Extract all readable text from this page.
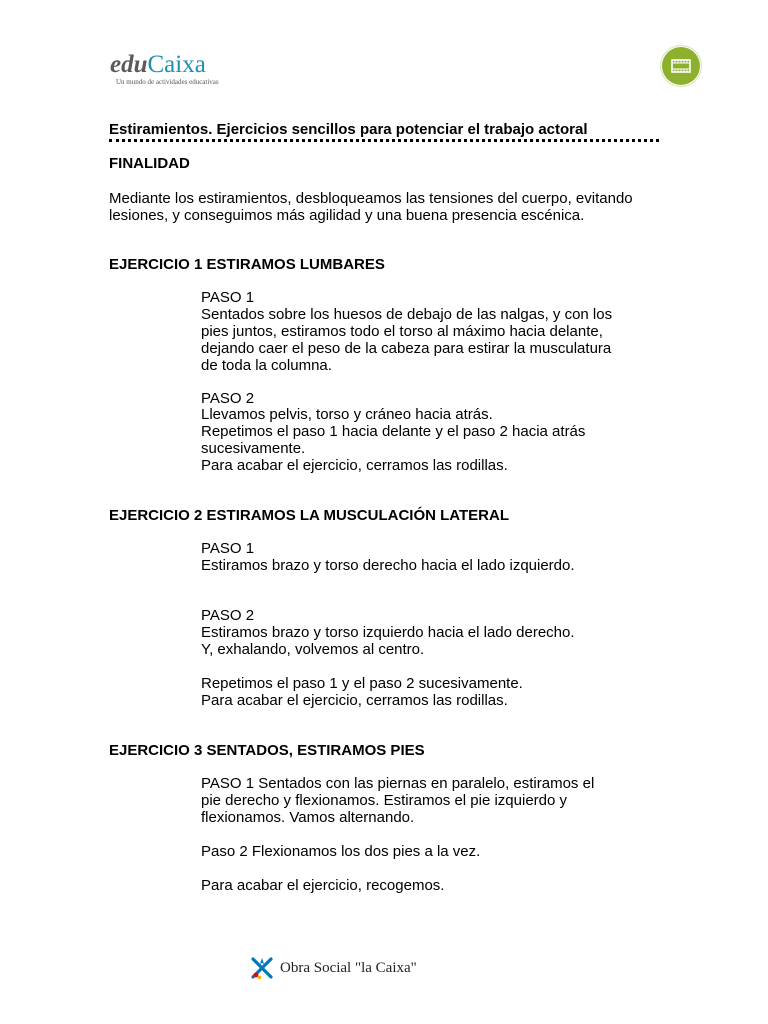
eduCaixa
Un mundo de actividades educativas
Estiramientos. Ejercicios sencillos para potenciar el trabajo actoral
FINALIDAD
Mediante los estiramientos, desbloqueamos las tensiones del cuerpo, evitando lesiones, y conseguimos más agilidad y una buena presencia escénica.
EJERCICIO 1 ESTIRAMOS LUMBARES
PASO 1
Sentados sobre los huesos de debajo de las nalgas, y con los pies juntos, estiramos todo el torso al máximo hacia delante, dejando caer el peso de la cabeza para estirar la musculatura de toda la columna.
PASO 2
Llevamos pelvis, torso y cráneo hacia atrás.
Repetimos el paso 1 hacia delante y el paso 2 hacia atrás sucesivamente.
Para acabar el ejercicio, cerramos las rodillas.
EJERCICIO 2 ESTIRAMOS LA MUSCULACIÓN LATERAL
PASO 1
Estiramos brazo y torso derecho hacia el lado izquierdo.
PASO 2
Estiramos brazo y torso izquierdo hacia el lado derecho.
Y, exhalando, volvemos al centro.
Repetimos el paso 1 y el paso 2 sucesivamente.
Para acabar el ejercicio, cerramos las rodillas.
EJERCICIO 3 SENTADOS, ESTIRAMOS PIES
PASO 1 Sentados con las piernas en paralelo, estiramos el pie derecho y flexionamos. Estiramos el pie izquierdo y flexionamos. Vamos alternando.
Paso 2 Flexionamos los dos pies a la vez.
Para acabar el ejercicio, recogemos.
Obra Social "la Caixa"
